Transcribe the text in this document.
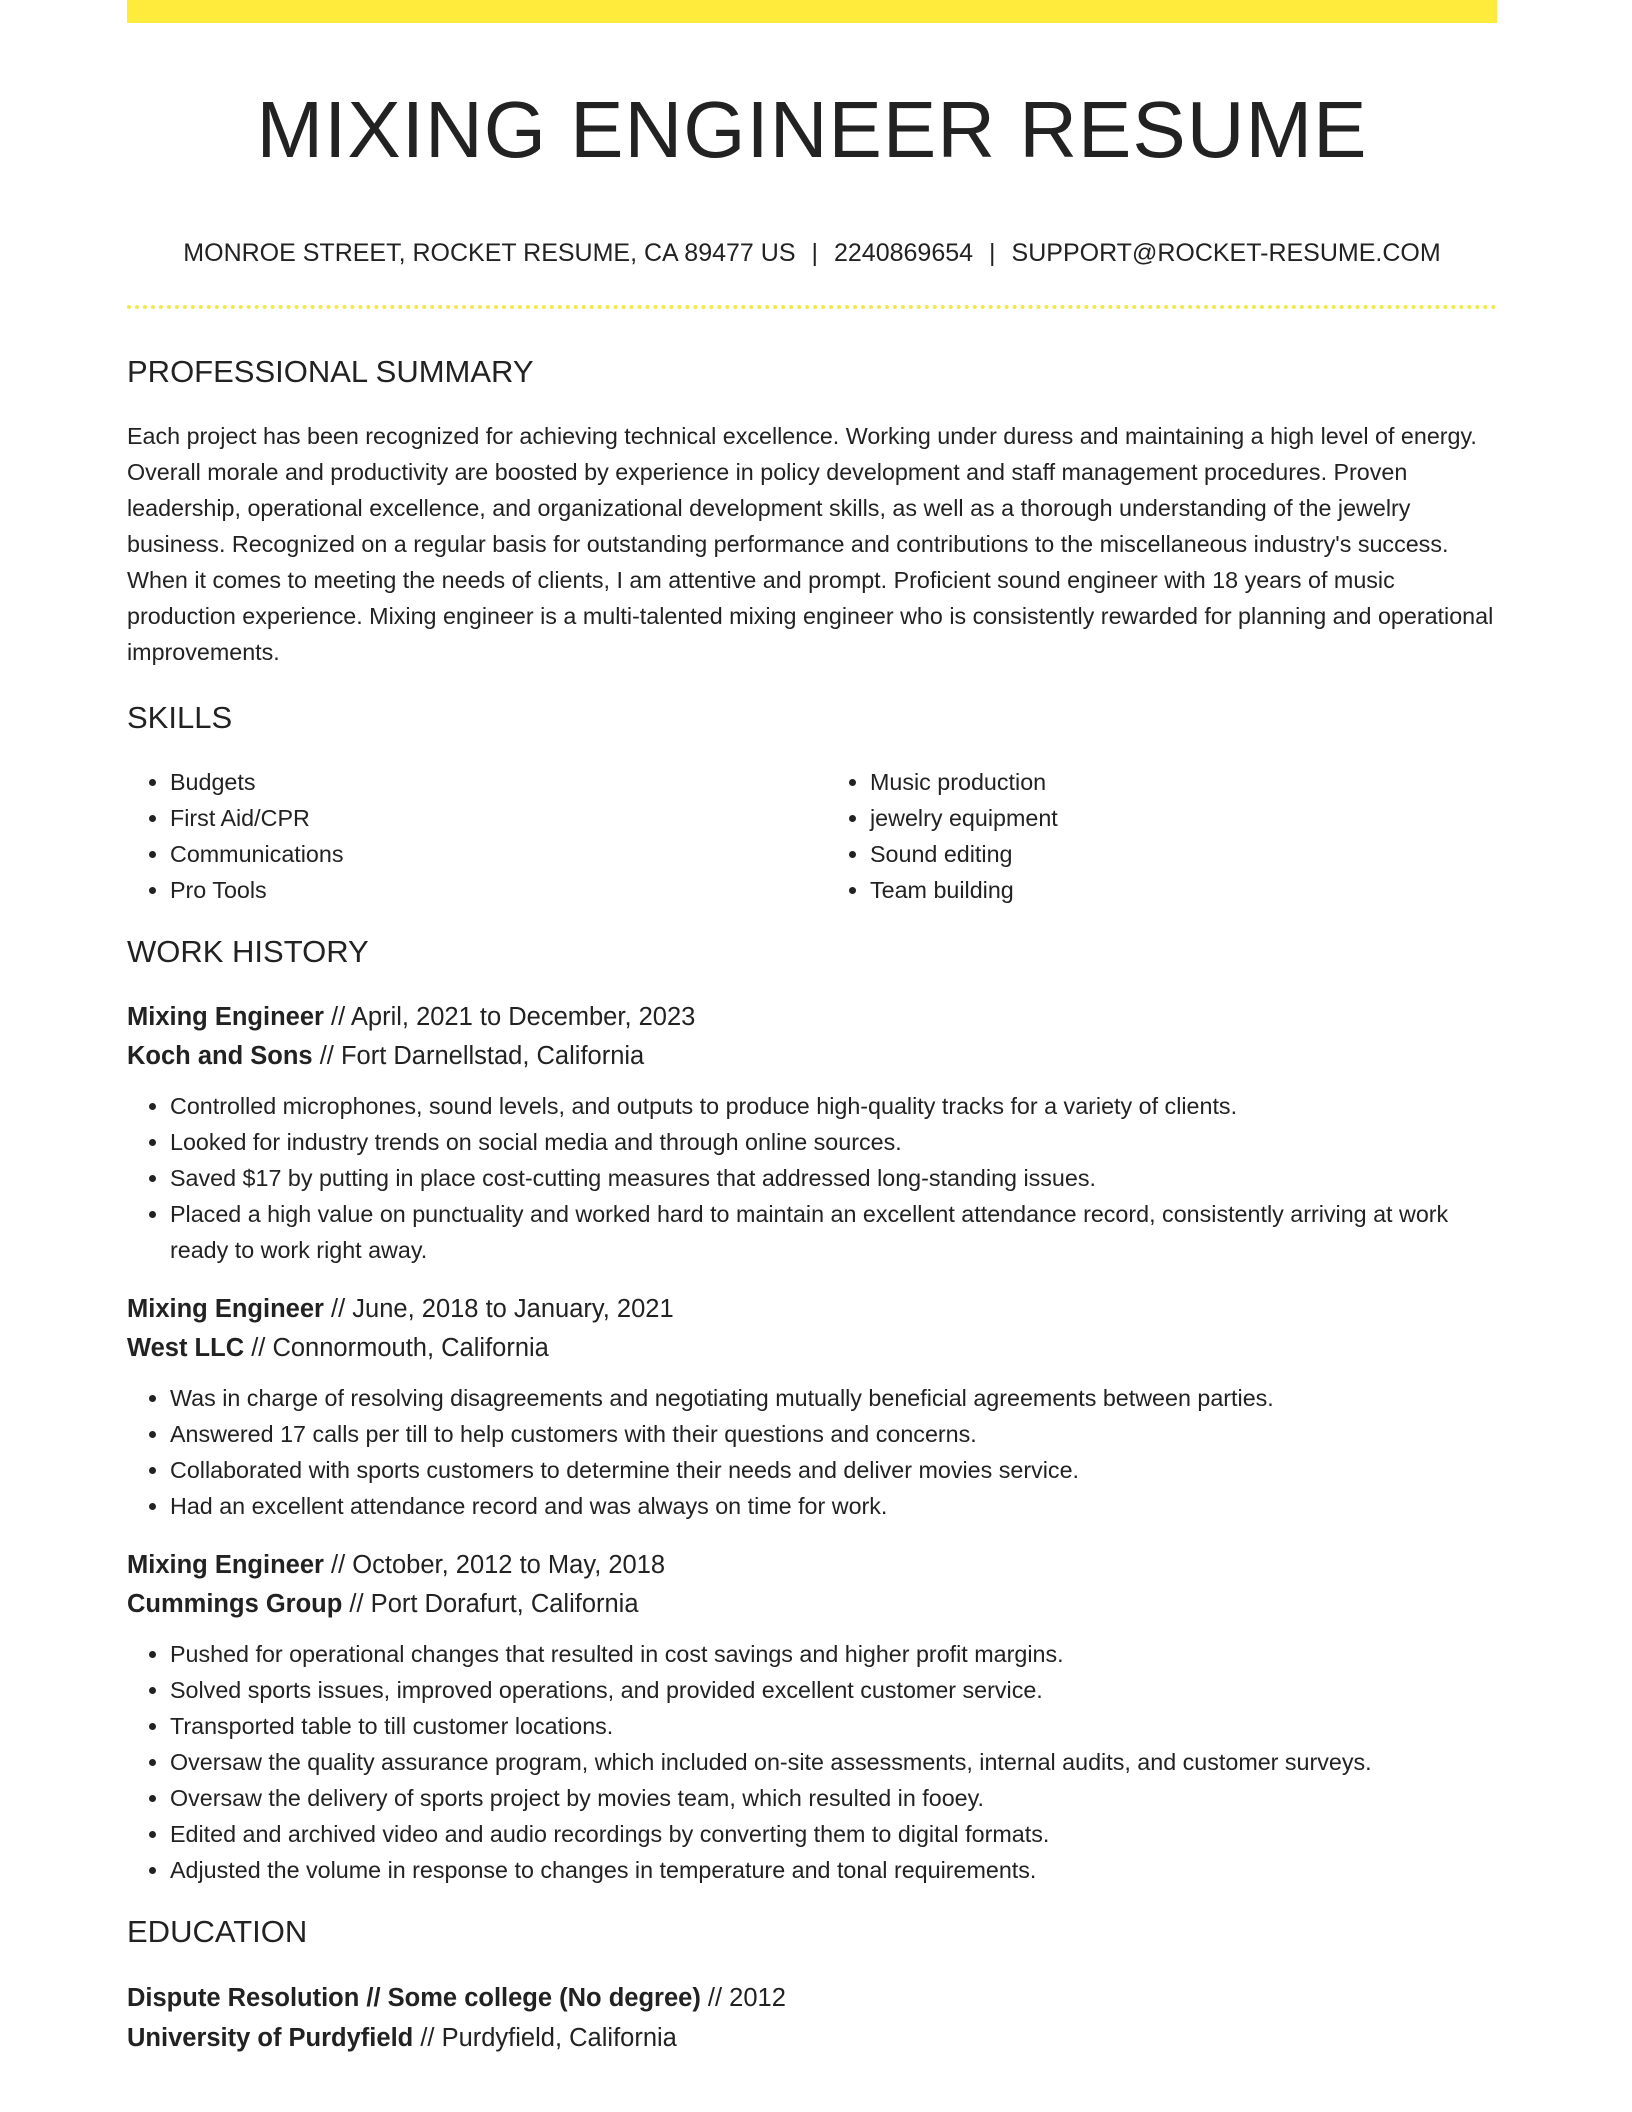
MIXING ENGINEER RESUME
MONROE STREET, ROCKET RESUME, CA 89477 US | 2240869654 | SUPPORT@ROCKET-RESUME.COM
PROFESSIONAL SUMMARY

Each project has been recognized for achieving technical excellence. Working under duress and maintaining a high level of energy. Overall morale and productivity are boosted by experience in policy development and staff management procedures. Proven leadership, operational excellence, and organizational development skills, as well as a thorough understanding of the jewelry business. Recognized on a regular basis for outstanding performance and contributions to the miscellaneous industry's success. When it comes to meeting the needs of clients, I am attentive and prompt. Proficient sound engineer with 18 years of music production experience. Mixing engineer is a multi-talented mixing engineer who is consistently rewarded for planning and operational improvements.

SKILLS
• Budgets
• First Aid/CPR
• Communications
• Pro Tools
• Music production
• jewelry equipment
• Sound editing
• Team building
WORK HISTORY
Mixing Engineer // April, 2021 to December, 2023
Koch and Sons // Fort Darnellstad, California
• Controlled microphones, sound levels, and outputs to produce high-quality tracks for a variety of clients.
• Looked for industry trends on social media and through online sources.
• Saved $17 by putting in place cost-cutting measures that addressed long-standing issues.
• Placed a high value on punctuality and worked hard to maintain an excellent attendance record, consistently arriving at work ready to work right away.
Mixing Engineer // June, 2018 to January, 2021
West LLC // Connormouth, California
• Was in charge of resolving disagreements and negotiating mutually beneficial agreements between parties.
• Answered 17 calls per till to help customers with their questions and concerns.
• Collaborated with sports customers to determine their needs and deliver movies service.
• Had an excellent attendance record and was always on time for work.
Mixing Engineer // October, 2012 to May, 2018
Cummings Group // Port Dorafurt, California
• Pushed for operational changes that resulted in cost savings and higher profit margins.
• Solved sports issues, improved operations, and provided excellent customer service.
• Transported table to till customer locations.
• Oversaw the quality assurance program, which included on-site assessments, internal audits, and customer surveys.
• Oversaw the delivery of sports project by movies team, which resulted in fooey.
• Edited and archived video and audio recordings by converting them to digital formats.
• Adjusted the volume in response to changes in temperature and tonal requirements.
EDUCATION
Dispute Resolution // Some college (No degree) // 2012
University of Purdyfield // Purdyfield, California
